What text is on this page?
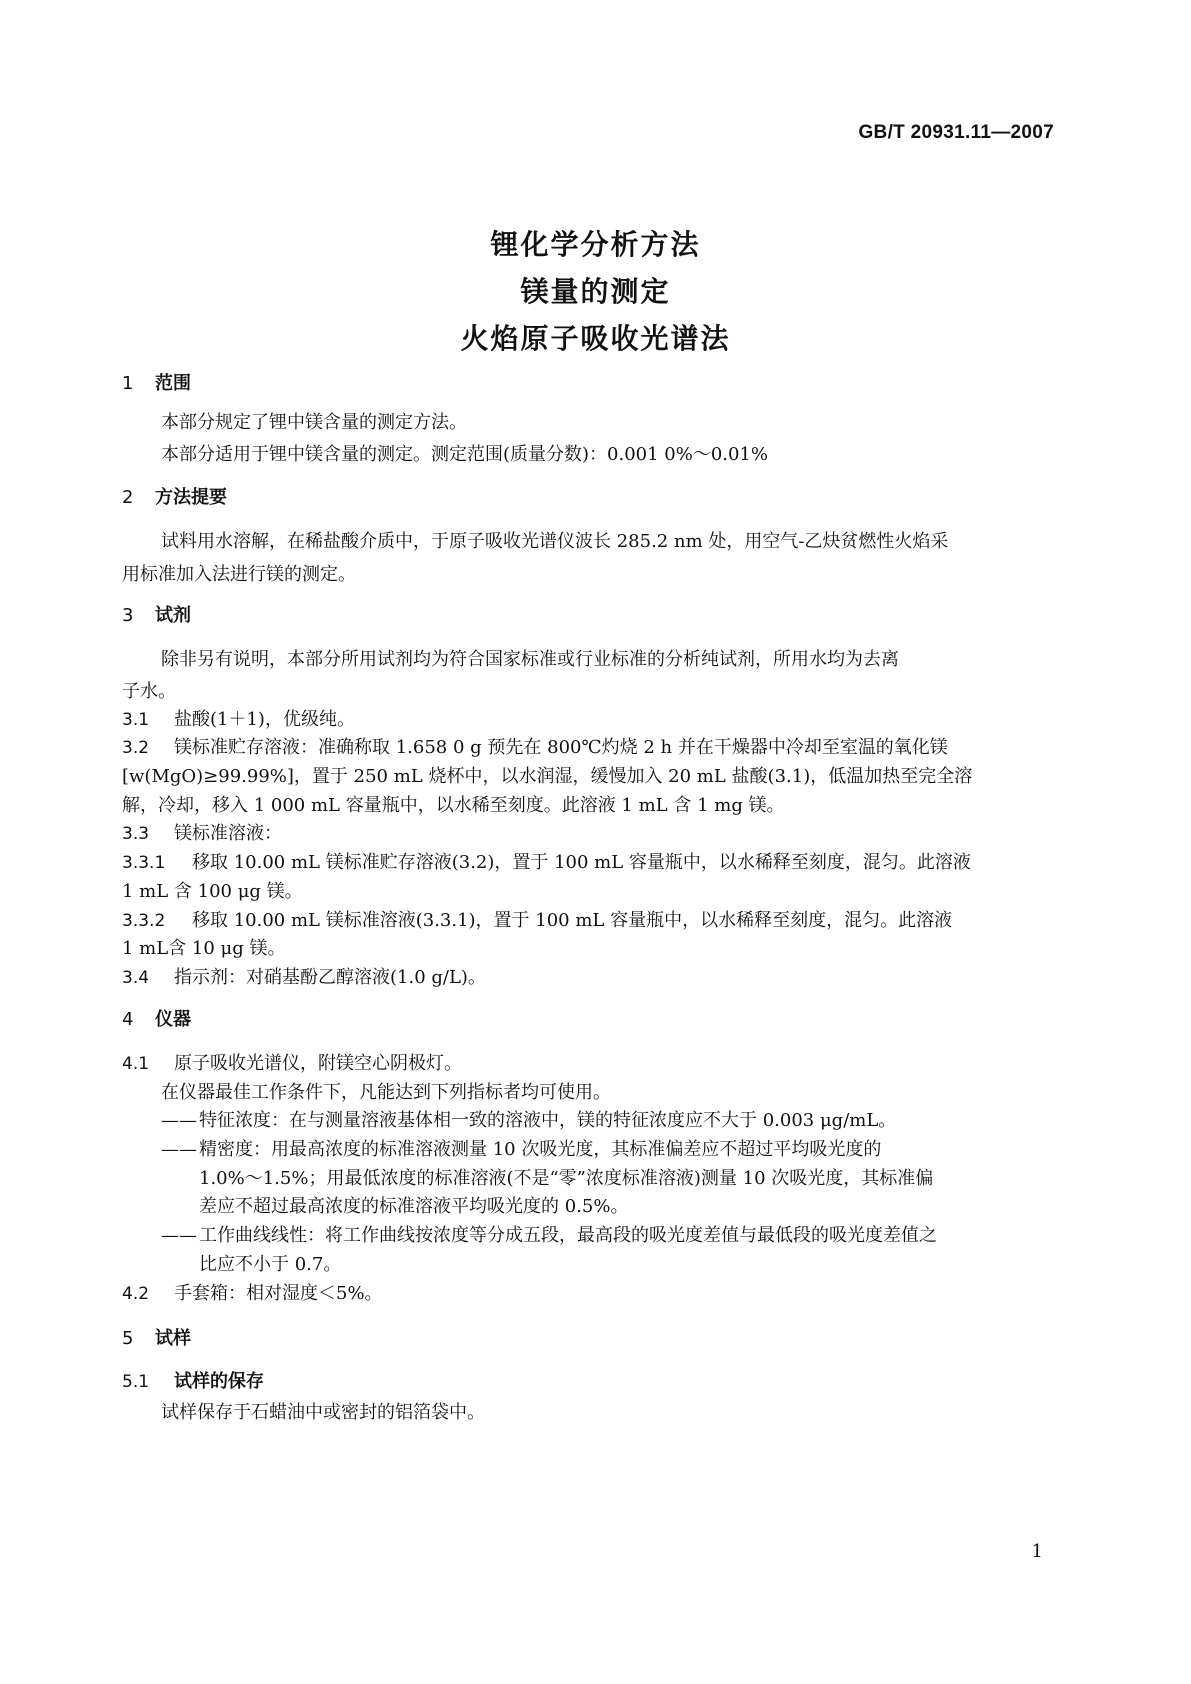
GB/T 20931.11—2007
锂化学分析方法
镁量的测定
火焰原子吸收光谱法
1 范围
本部分规定了锂中镁含量的测定方法。
本部分适用于锂中镁含量的测定。测定范围(质量分数)：0.001 0%～0.01%
2 方法提要
试料用水溶解，在稀盐酸介质中，于原子吸收光谱仪波长 285.2 nm 处，用空气-乙炔贫燃性火焰采
用标准加入法进行镁的测定。
3 试剂
除非另有说明，本部分所用试剂均为符合国家标准或行业标准的分析纯试剂，所用水均为去离
子水。
3.1 盐酸(1＋1)，优级纯。
3.2 镁标准贮存溶液：准确称取 1.658 0 g 预先在 800℃灼烧 2 h 并在干燥器中冷却至室温的氧化镁
[w(MgO)≥99.99%]，置于 250 mL 烧杯中，以水润湿，缓慢加入 20 mL 盐酸(3.1)，低温加热至完全溶
解，冷却，移入 1 000 mL 容量瓶中，以水稀至刻度。此溶液 1 mL 含 1 mg 镁。
3.3 镁标准溶液：
3.3.1 移取 10.00 mL 镁标准贮存溶液(3.2)，置于 100 mL 容量瓶中，以水稀释至刻度，混匀。此溶液
1 mL 含 100 μg 镁。
3.3.2 移取 10.00 mL 镁标准溶液(3.3.1)，置于 100 mL 容量瓶中，以水稀释至刻度，混匀。此溶液
1 mL含 10 μg 镁。
3.4 指示剂：对硝基酚乙醇溶液(1.0 g/L)。
4 仪器
4.1 原子吸收光谱仪，附镁空心阴极灯。
在仪器最佳工作条件下，凡能达到下列指标者均可使用。
—— 特征浓度：在与测量溶液基体相一致的溶液中，镁的特征浓度应不大于 0.003 μg/mL。
—— 精密度：用最高浓度的标准溶液测量 10 次吸光度，其标准偏差应不超过平均吸光度的
1.0%～1.5%；用最低浓度的标准溶液(不是“零”浓度标准溶液)测量 10 次吸光度，其标准偏
差应不超过最高浓度的标准溶液平均吸光度的 0.5%。
—— 工作曲线线性：将工作曲线按浓度等分成五段，最高段的吸光度差值与最低段的吸光度差值之
比应不小于 0.7。
4.2 手套箱：相对湿度＜5%。
5 试样
5.1 试样的保存
试样保存于石蜡油中或密封的铝箔袋中。
1
